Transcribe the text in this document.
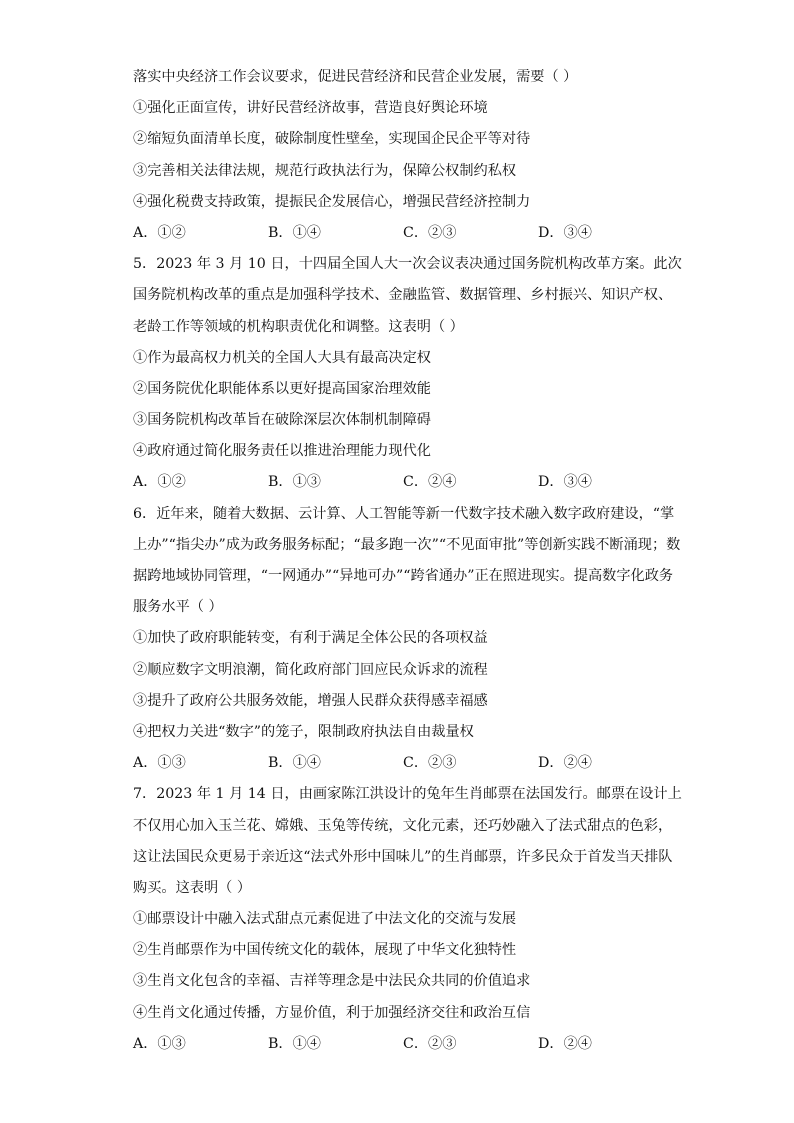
落实中央经济工作会议要求，促进民营经济和民营企业发展，需要（ ）
①强化正面宣传，讲好民营经济故事，营造良好舆论环境
②缩短负面清单长度，破除制度性壁垒，实现国企民企平等对待
③完善相关法律法规，规范行政执法行为，保障公权制约私权
④强化税费支持政策，提振民企发展信心，增强民营经济控制力
A．①②	B．①④	C．②③	D．③④
5．2023 年 3 月 10 日，十四届全国人大一次会议表决通过国务院机构改革方案。此次
国务院机构改革的重点是加强科学技术、金融监管、数据管理、乡村振兴、知识产权、
老龄工作等领域的机构职责优化和调整。这表明（ ）
①作为最高权力机关的全国人大具有最高决定权
②国务院优化职能体系以更好提高国家治理效能
③国务院机构改革旨在破除深层次体制机制障碍
④政府通过简化服务责任以推进治理能力现代化
A．①②	B．①③	C．②④	D．③④
6．近年来，随着大数据、云计算、人工智能等新一代数字技术融入数字政府建设，“掌
上办”“指尖办”成为政务服务标配；“最多跑一次”“不见面审批”等创新实践不断涌现；数
据跨地域协同管理，“一网通办”“异地可办”“跨省通办”正在照进现实。提高数字化政务
服务水平（ ）
①加快了政府职能转变，有利于满足全体公民的各项权益
②顺应数字文明浪潮，简化政府部门回应民众诉求的流程
③提升了政府公共服务效能，增强人民群众获得感幸福感
④把权力关进“数字”的笼子，限制政府执法自由裁量权
A．①③	B．①④	C．②③	D．②④
7．2023 年 1 月 14 日，由画家陈江洪设计的兔年生肖邮票在法国发行。邮票在设计上
不仅用心加入玉兰花、嫦娥、玉兔等传统，文化元素，还巧妙融入了法式甜点的色彩，
这让法国民众更易于亲近这“法式外形中国味儿”的生肖邮票，许多民众于首发当天排队
购买。这表明（ ）
①邮票设计中融入法式甜点元素促进了中法文化的交流与发展
②生肖邮票作为中国传统文化的载体，展现了中华文化独特性
③生肖文化包含的幸福、吉祥等理念是中法民众共同的价值追求
④生肖文化通过传播，方显价值，利于加强经济交往和政治互信
A．①③	B．①④	C．②③	D．②④
